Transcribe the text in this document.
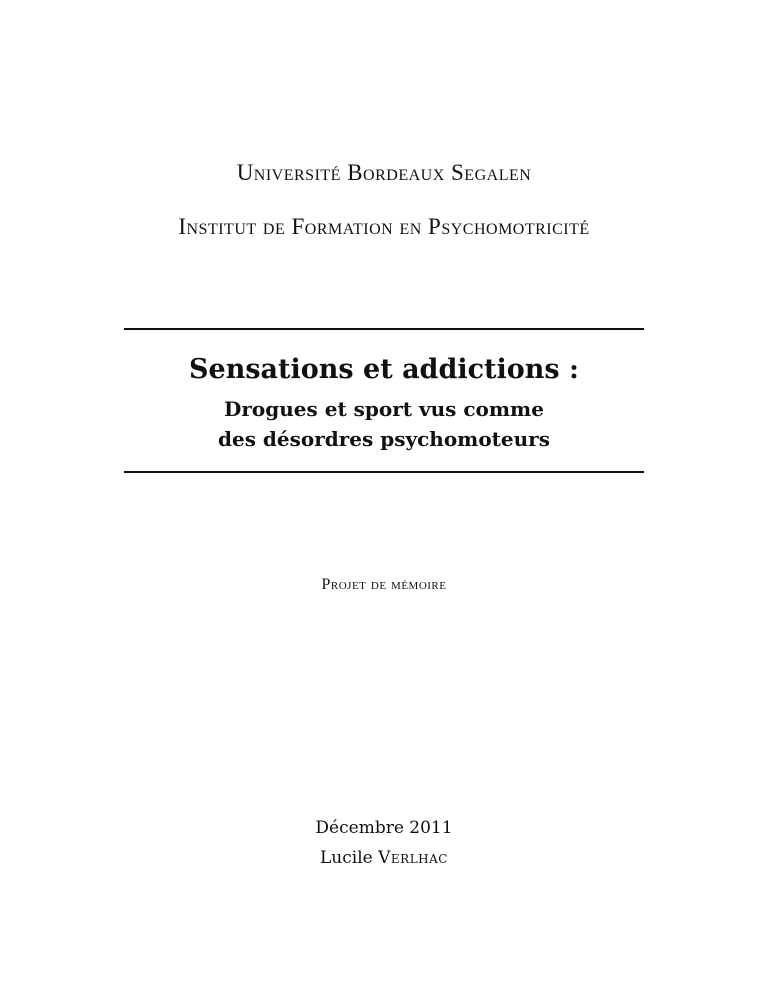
Université Bordeaux Segalen
Institut de Formation en Psychomotricité
Sensations et addictions :
Drogues et sport vus comme
des désordres psychomoteurs
Projet de mémoire
Décembre 2011
Lucile Verlhac
